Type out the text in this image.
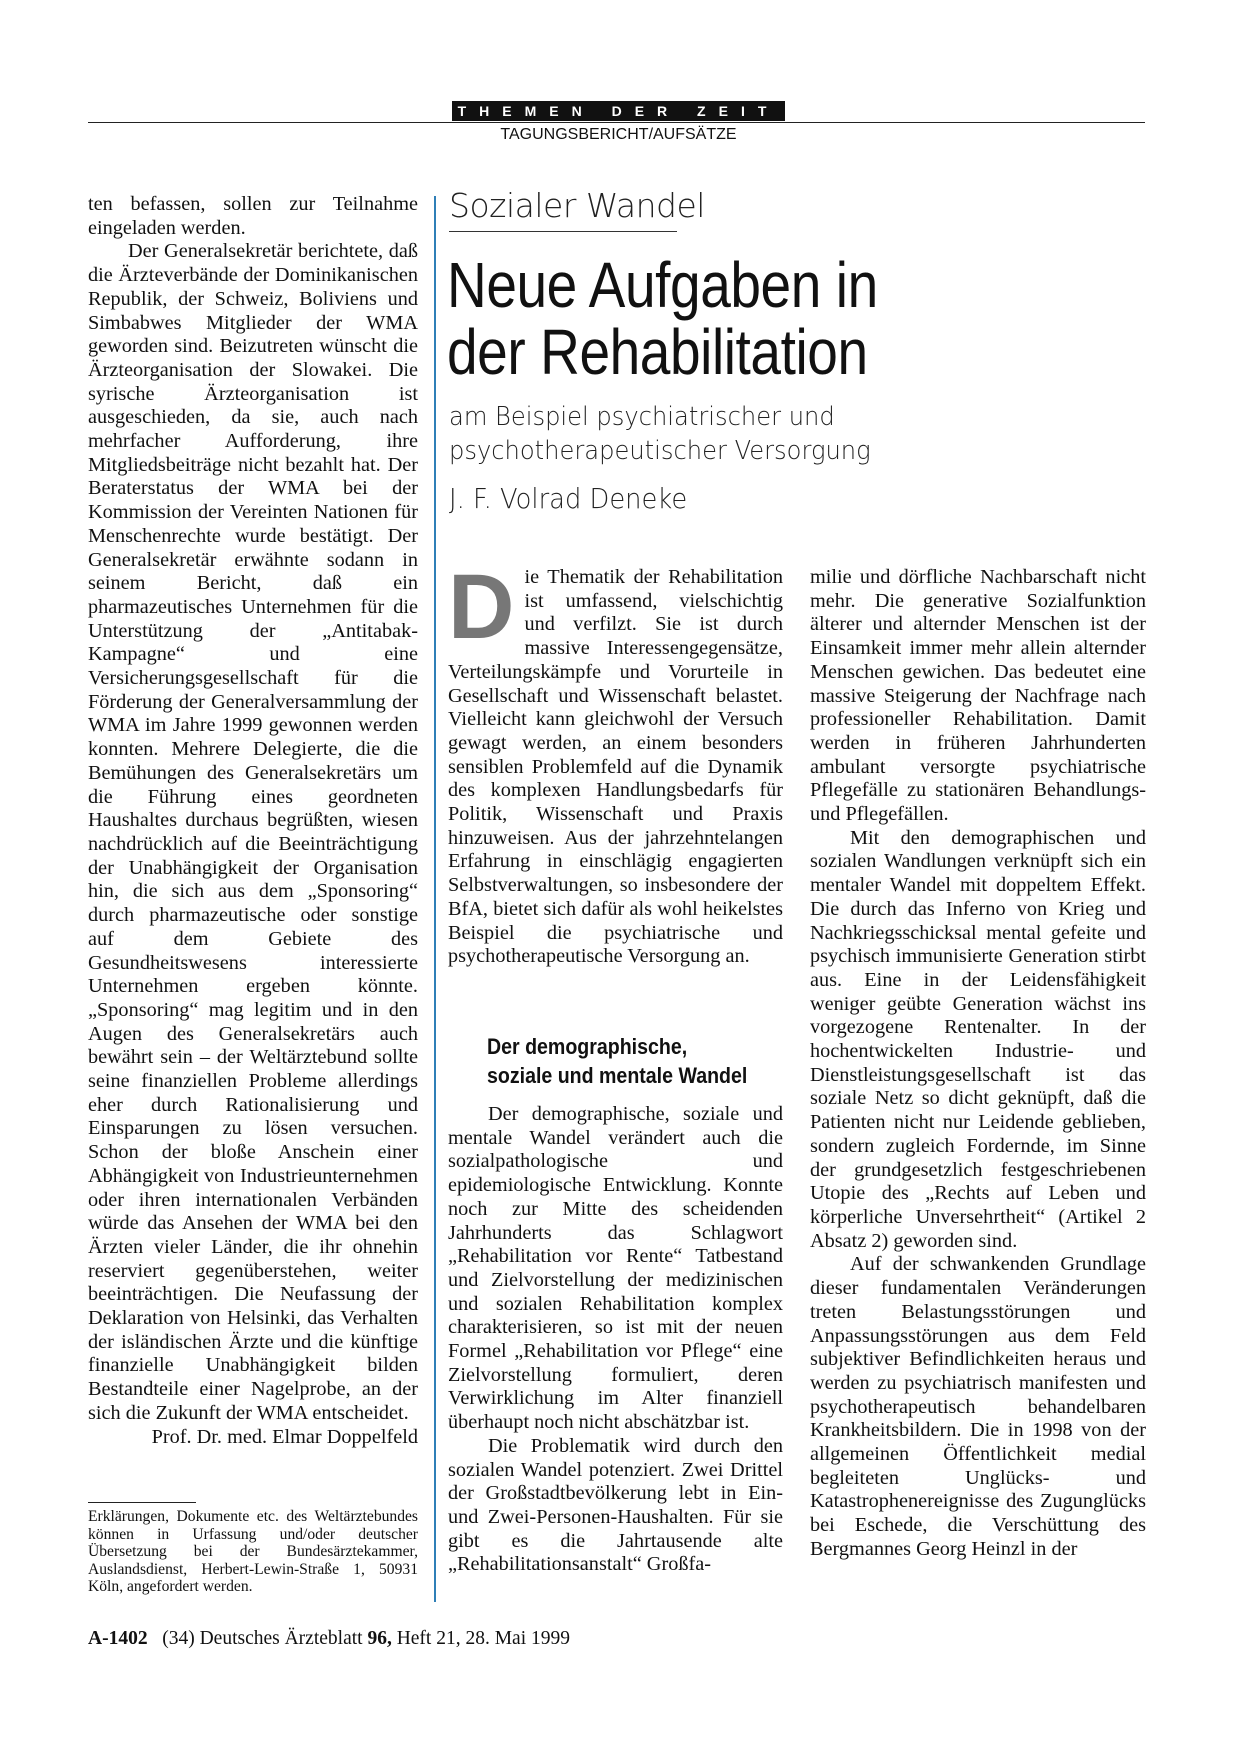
THEMEN DER ZEIT
TAGUNGSBERICHT/AUFSÄTZE

ten befassen, sollen zur Teilnahme eingeladen werden.

Der Generalsekretär berichtete, daß die Ärzteverbände der Dominikanischen Republik, der Schweiz, Boliviens und Simbabwes Mitglieder der WMA geworden sind. Beizutreten wünscht die Ärzteorganisation der Slowakei. Die syrische Ärzteorganisation ist ausgeschieden, da sie, auch nach mehrfacher Aufforderung, ihre Mitgliedsbeiträge nicht bezahlt hat. Der Beraterstatus der WMA bei der Kommission der Vereinten Nationen für Menschenrechte wurde bestätigt. Der Generalsekretär erwähnte sodann in seinem Bericht, daß ein pharmazeutisches Unternehmen für die Unterstützung der „Antitabak-Kampagne“ und eine Versicherungsgesellschaft für die Förderung der Generalversammlung der WMA im Jahre 1999 gewonnen werden konnten. Mehrere Delegierte, die die Bemühungen des Generalsekretärs um die Führung eines geordneten Haushaltes durchaus begrüßten, wiesen nachdrücklich auf die Beeinträchtigung der Unabhängigkeit der Organisation hin, die sich aus dem „Sponsoring“ durch pharmazeutische oder sonstige auf dem Gebiete des Gesundheitswesens interessierte Unternehmen ergeben könnte. „Sponsoring“ mag legitim und in den Augen des Generalsekretärs auch bewährt sein – der Weltärztebund sollte seine finanziellen Probleme allerdings eher durch Rationalisierung und Einsparungen zu lösen versuchen. Schon der bloße Anschein einer Abhängigkeit von Industrieunternehmen oder ihren internationalen Verbänden würde das Ansehen der WMA bei den Ärzten vieler Länder, die ihr ohnehin reserviert gegenüberstehen, weiter beeinträchtigen. Die Neufassung der Deklaration von Helsinki, das Verhalten der isländischen Ärzte und die künftige finanzielle Unabhängigkeit bilden Bestandteile einer Nagelprobe, an der sich die Zukunft der WMA entscheidet.

Prof. Dr. med. Elmar Doppelfeld

Erklärungen, Dokumente etc. des Weltärztebundes können in Urfassung und/oder deutscher Übersetzung bei der Bundesärztekammer, Auslandsdienst, Herbert-Lewin-Straße 1, 50931 Köln, angefordert werden.
Sozialer Wandel
Neue Aufgaben in
der Rehabilitation
am Beispiel psychiatrischer und
psychotherapeutischer Versorgung
J. F. Volrad Deneke

Die Thematik der Rehabilitation ist umfassend, vielschichtig und verfilzt. Sie ist durch massive Interessengegensätze, Verteilungskämpfe und Vorurteile in Gesellschaft und Wissenschaft belastet. Vielleicht kann gleichwohl der Versuch gewagt werden, an einem besonders sensiblen Problemfeld auf die Dynamik des komplexen Handlungsbedarfs für Politik, Wissenschaft und Praxis hinzuweisen. Aus der jahrzehntelangen Erfahrung in einschlägig engagierten Selbstverwaltungen, so insbesondere der BfA, bietet sich dafür als wohl heikelstes Beispiel die psychiatrische und psychotherapeutische Versorgung an.

Der demographische,
soziale und mentale Wandel

Der demographische, soziale und mentale Wandel verändert auch die sozialpathologische und epidemiologische Entwicklung. Konnte noch zur Mitte des scheidenden Jahrhunderts das Schlagwort „Rehabilitation vor Rente“ Tatbestand und Zielvorstellung der medizinischen und sozialen Rehabilitation komplex charakterisieren, so ist mit der neuen Formel „Rehabilitation vor Pflege“ eine Zielvorstellung formuliert, deren Verwirklichung im Alter finanziell überhaupt noch nicht abschätzbar ist.

Die Problematik wird durch den sozialen Wandel potenziert. Zwei Drittel der Großstadtbevölkerung lebt in Ein- und Zwei-Personen-Haushalten. Für sie gibt es die Jahrtausende alte „Rehabilitationsanstalt“ Großfa-

milie und dörfliche Nachbarschaft nicht mehr. Die generative Sozialfunktion älterer und alternder Menschen ist der Einsamkeit immer mehr allein alternder Menschen gewichen. Das bedeutet eine massive Steigerung der Nachfrage nach professioneller Rehabilitation. Damit werden in früheren Jahrhunderten ambulant versorgte psychiatrische Pflegefälle zu stationären Behandlungs- und Pflegefällen.

Mit den demographischen und sozialen Wandlungen verknüpft sich ein mentaler Wandel mit doppeltem Effekt. Die durch das Inferno von Krieg und Nachkriegsschicksal mental gefeite und psychisch immunisierte Generation stirbt aus. Eine in der Leidensfähigkeit weniger geübte Generation wächst ins vorgezogene Rentenalter. In der hochentwickelten Industrie- und Dienstleistungsgesellschaft ist das soziale Netz so dicht geknüpft, daß die Patienten nicht nur Leidende geblieben, sondern zugleich Fordernde, im Sinne der grundgesetzlich festgeschriebenen Utopie des „Rechts auf Leben und körperliche Unversehrtheit“ (Artikel 2 Absatz 2) geworden sind.

Auf der schwankenden Grundlage dieser fundamentalen Veränderungen treten Belastungsstörungen und Anpassungsstörungen aus dem Feld subjektiver Befindlichkeiten heraus und werden zu psychiatrisch manifesten und psychotherapeutisch behandelbaren Krankheitsbildern. Die in 1998 von der allgemeinen Öffentlichkeit medial begleiteten Unglücks- und Katastrophenereignisse des Zugunglücks bei Eschede, die Verschüttung des Bergmannes Georg Heinzl in der

A-1402 (34) Deutsches Ärzteblatt 96, Heft 21, 28. Mai 1999
